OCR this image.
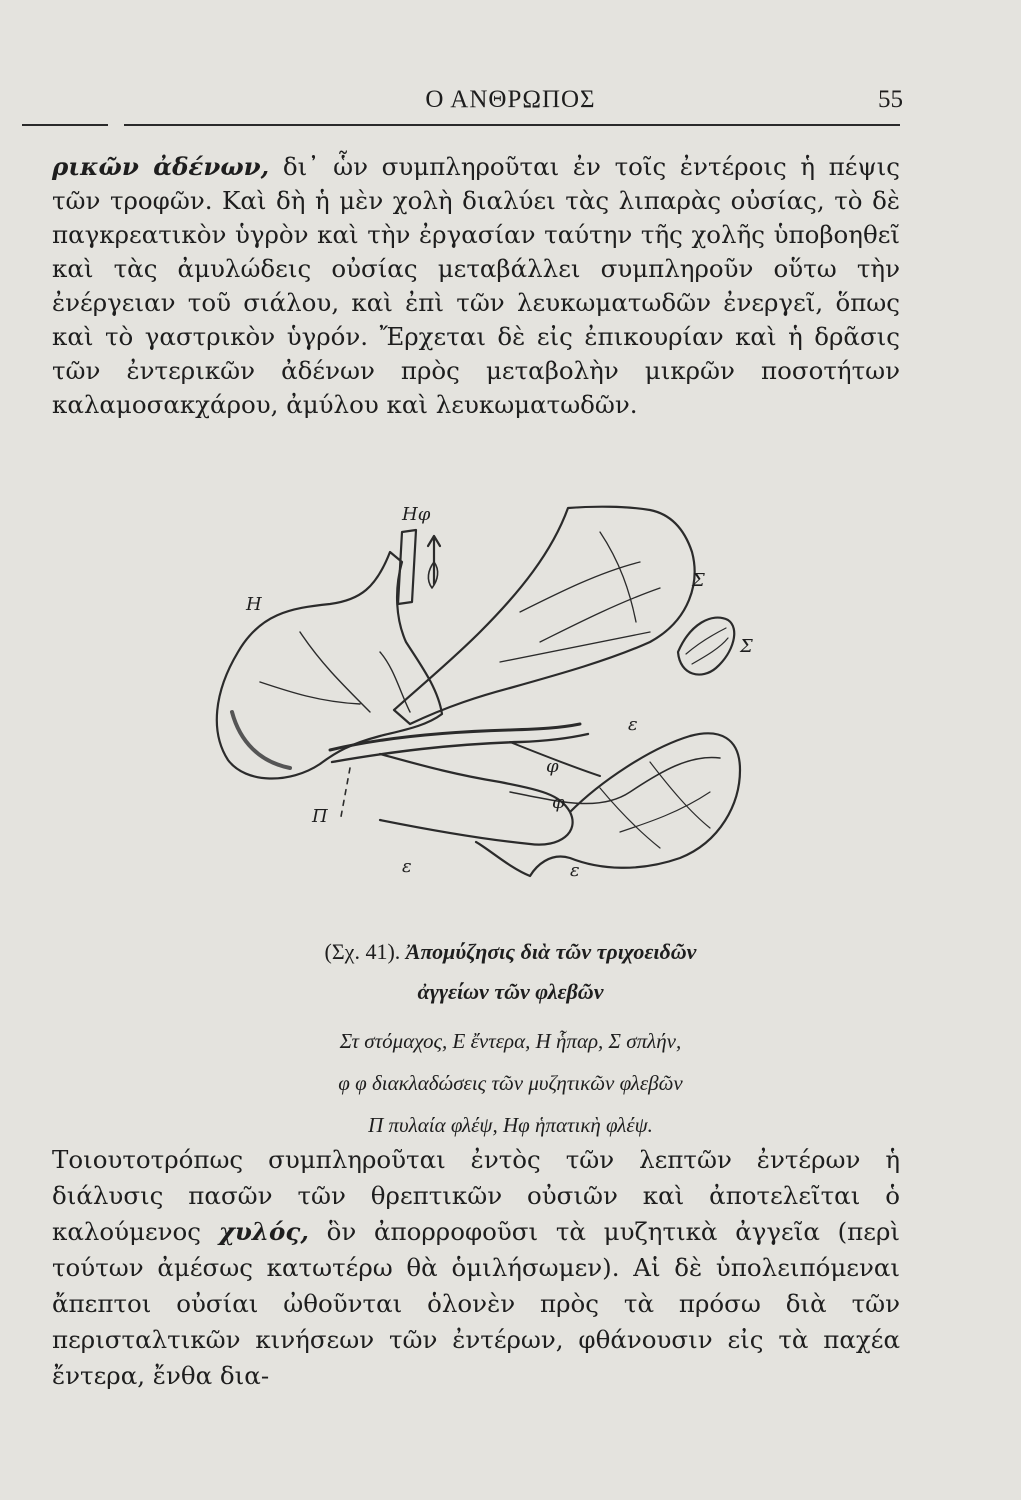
Ο ΑΝΘΡΩΠΟΣ	55
ρικῶν ἀδένων, δι᾽ ὧν συμπληροῦται ἐν τοῖς ἐντέροις ἡ πέψις τῶν τροφῶν. Καὶ δὴ ἡ μὲν χολὴ διαλύει τὰς λιπαρὰς οὐσίας, τὸ δὲ παγκρεατικὸν ὑγρὸν καὶ τὴν ἐργασίαν ταύτην τῆς χολῆς ὑποβοηθεῖ καὶ τὰς ἀμυλώδεις οὐσίας μεταβάλλει συμπληροῦν οὕτω τὴν ἐνέργειαν τοῦ σιάλου, καὶ ἐπὶ τῶν λευκωματωδῶν ἐνεργεῖ, ὅπως καὶ τὸ γαστρικὸν ὑγρόν. Ἔρχεται δὲ εἰς ἐπικουρίαν καὶ ἡ δρᾶσις τῶν ἐντερικῶν ἀδένων πρὸς μεταβολὴν μικρῶν ποσοτήτων καλαμοσακχάρου, ἀμύλου καὶ λευκωματωδῶν.
Ηφ
Η
Σ
Σ
ε
ε	ε
Π
φ
φ
(Σχ. 41). Ἀπομύζησις διὰ τῶν τριχοειδῶν
ἀγγείων τῶν φλεβῶν
Στ στόμαχος, Ε ἔντερα, Η ἧπαρ, Σ σπλήν,
φ φ διακλαδώσεις τῶν μυζητικῶν φλεβῶν
Π πυλαία φλέψ, Ηφ ἡπατικὴ φλέψ.
Τοιουτοτρόπως συμπληροῦται ἐντὸς τῶν λεπτῶν ἐντέρων ἡ διάλυσις πασῶν τῶν θρεπτικῶν οὐσιῶν καὶ ἀποτελεῖται ὁ καλούμενος χυλός, ὃν ἀπορροφοῦσι τὰ μυζητικὰ ἀγγεῖα (περὶ τούτων ἀμέσως κατωτέρω θὰ ὁμιλήσωμεν). Αἱ δὲ ὑπολειπόμεναι ἄπεπτοι οὐσίαι ὠθοῦνται ὁλονὲν πρὸς τὰ πρόσω διὰ τῶν περισταλτικῶν κινήσεων τῶν ἐντέρων, φθάνουσιν εἰς τὰ παχέα ἔντερα, ἔνθα δια-
